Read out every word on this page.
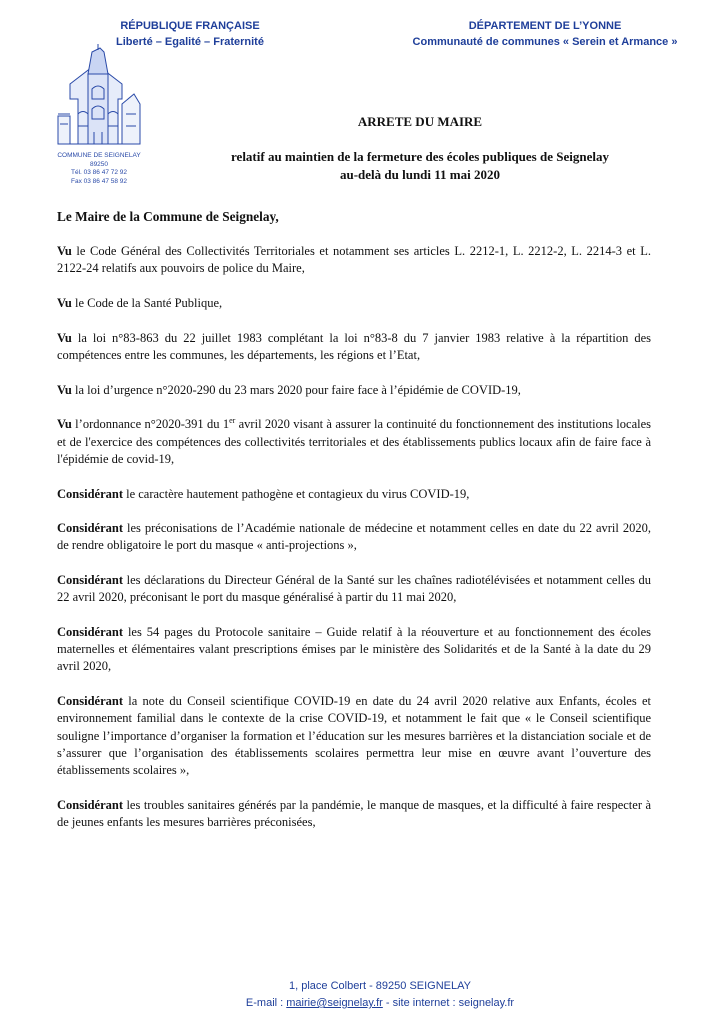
RÉPUBLIQUE FRANÇAISE
Liberté – Egalité – Fraternité
DÉPARTEMENT DE L’YONNE
Communauté de communes « Serein et Armance »
COMMUNE DE SEIGNELAY
89250
Tél. 03 86 47 72 92
Fax 03 86 47 58 92
ARRETE DU MAIRE
relatif au maintien de la fermeture des écoles publiques de Seignelay
au-delà du lundi 11 mai 2020

Le Maire de la Commune de Seignelay,

Vu le Code Général des Collectivités Territoriales et notamment ses articles L. 2212-1, L. 2212-2, L. 2214-3 et L. 2122-24 relatifs aux pouvoirs de police du Maire,

Vu le Code de la Santé Publique,

Vu la loi n°83-863 du 22 juillet 1983 complétant la loi n°83-8 du 7 janvier 1983 relative à la répartition des compétences entre les communes, les départements, les régions et l’Etat,

Vu la loi d’urgence n°2020-290 du 23 mars 2020 pour faire face à l’épidémie de COVID-19,

Vu l’ordonnance n°2020-391 du 1er avril 2020 visant à assurer la continuité du fonctionnement des institutions locales et de l'exercice des compétences des collectivités territoriales et des établissements publics locaux afin de faire face à l'épidémie de covid-19,

Considérant le caractère hautement pathogène et contagieux du virus COVID-19,

Considérant les préconisations de l’Académie nationale de médecine et notamment celles en date du 22 avril 2020, de rendre obligatoire le port du masque « anti-projections »,

Considérant les déclarations du Directeur Général de la Santé sur les chaînes radiotélévisées et notamment celles du 22 avril 2020, préconisant le port du masque généralisé à partir du 11 mai 2020,

Considérant les 54 pages du Protocole sanitaire – Guide relatif à la réouverture et au fonctionnement des écoles maternelles et élémentaires valant prescriptions émises par le ministère des Solidarités et de la Santé à la date du 29 avril 2020,

Considérant la note du Conseil scientifique COVID-19 en date du 24 avril 2020 relative aux Enfants, écoles et environnement familial dans le contexte de la crise COVID-19, et notamment le fait que « le Conseil scientifique souligne l’importance d’organiser la formation et l’éducation sur les mesures barrières et la distanciation sociale et de s’assurer que l’organisation des établissements scolaires permettra leur mise en œuvre avant l’ouverture des établissements scolaires »,

Considérant les troubles sanitaires générés par la pandémie, le manque de masques, et la difficulté à faire respecter à de jeunes enfants les mesures barrières préconisées,

1, place Colbert - 89250 SEIGNELAY
E-mail : mairie@seignelay.fr - site internet : seignelay.fr
